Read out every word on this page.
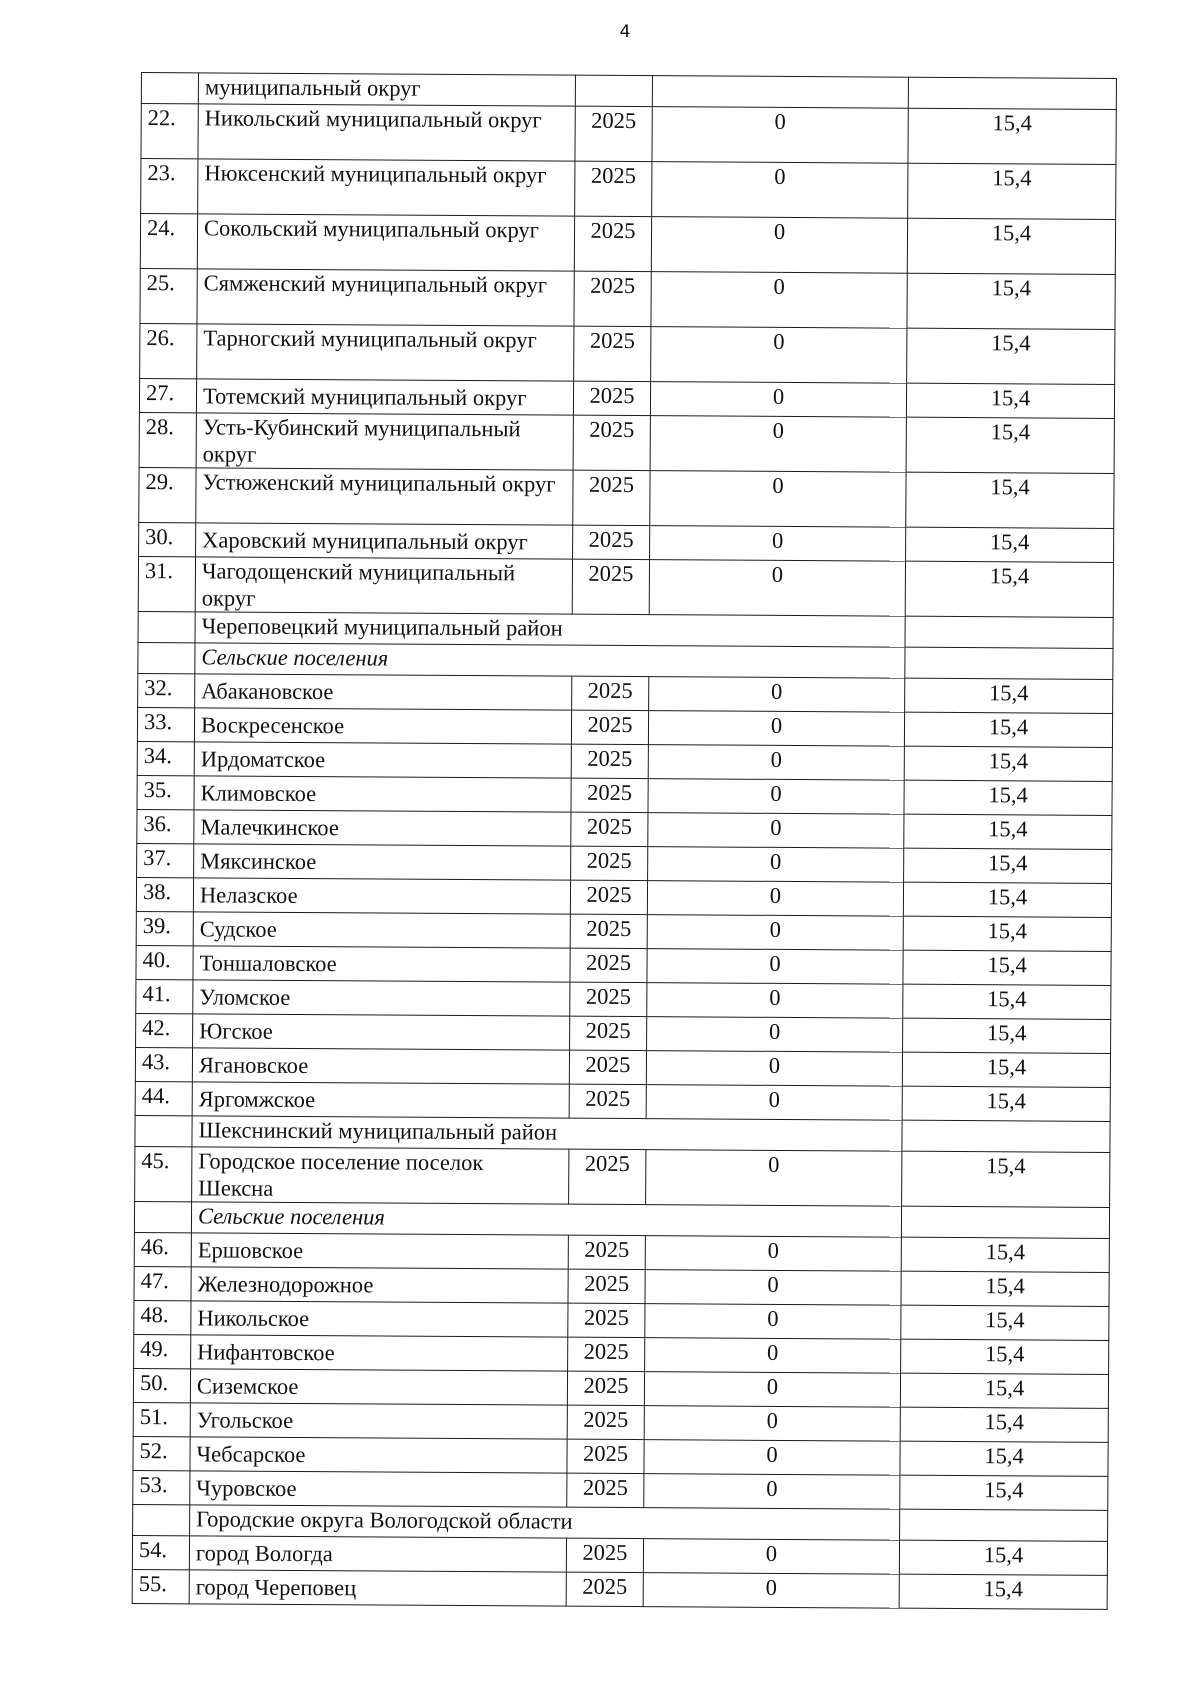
4
	муниципальный округ			
22.	Никольский муниципальный округ	2025	0	15,4
23.	Нюксенский муниципальный округ	2025	0	15,4
24.	Сокольский муниципальный округ	2025	0	15,4
25.	Сямженский муниципальный округ	2025	0	15,4
26.	Тарногский муниципальный округ	2025	0	15,4
27.	Тотемский муниципальный округ	2025	0	15,4
28.	Усть-Кубинский муниципальный округ	2025	0	15,4
29.	Устюженский муниципальный округ	2025	0	15,4
30.	Харовский муниципальный округ	2025	0	15,4
31.	Чагодощенский муниципальный округ	2025	0	15,4
	Череповецкий муниципальный район			
	Сельские поселения			
32.	Абакановское	2025	0	15,4
33.	Воскресенское	2025	0	15,4
34.	Ирдоматское	2025	0	15,4
35.	Климовское	2025	0	15,4
36.	Малечкинское	2025	0	15,4
37.	Мяксинское	2025	0	15,4
38.	Нелазское	2025	0	15,4
39.	Судское	2025	0	15,4
40.	Тоншаловское	2025	0	15,4
41.	Уломское	2025	0	15,4
42.	Югское	2025	0	15,4
43.	Ягановское	2025	0	15,4
44.	Яргомжское	2025	0	15,4
	Шекснинский муниципальный район			
45.	Городское поселение поселок Шексна	2025	0	15,4
	Сельские поселения			
46.	Ершовское	2025	0	15,4
47.	Железнодорожное	2025	0	15,4
48.	Никольское	2025	0	15,4
49.	Нифантовское	2025	0	15,4
50.	Сиземское	2025	0	15,4
51.	Угольское	2025	0	15,4
52.	Чебсарское	2025	0	15,4
53.	Чуровское	2025	0	15,4
	Городские округа Вологодской области			
54.	город Вологда	2025	0	15,4
55.	город Череповец	2025	0	15,4
